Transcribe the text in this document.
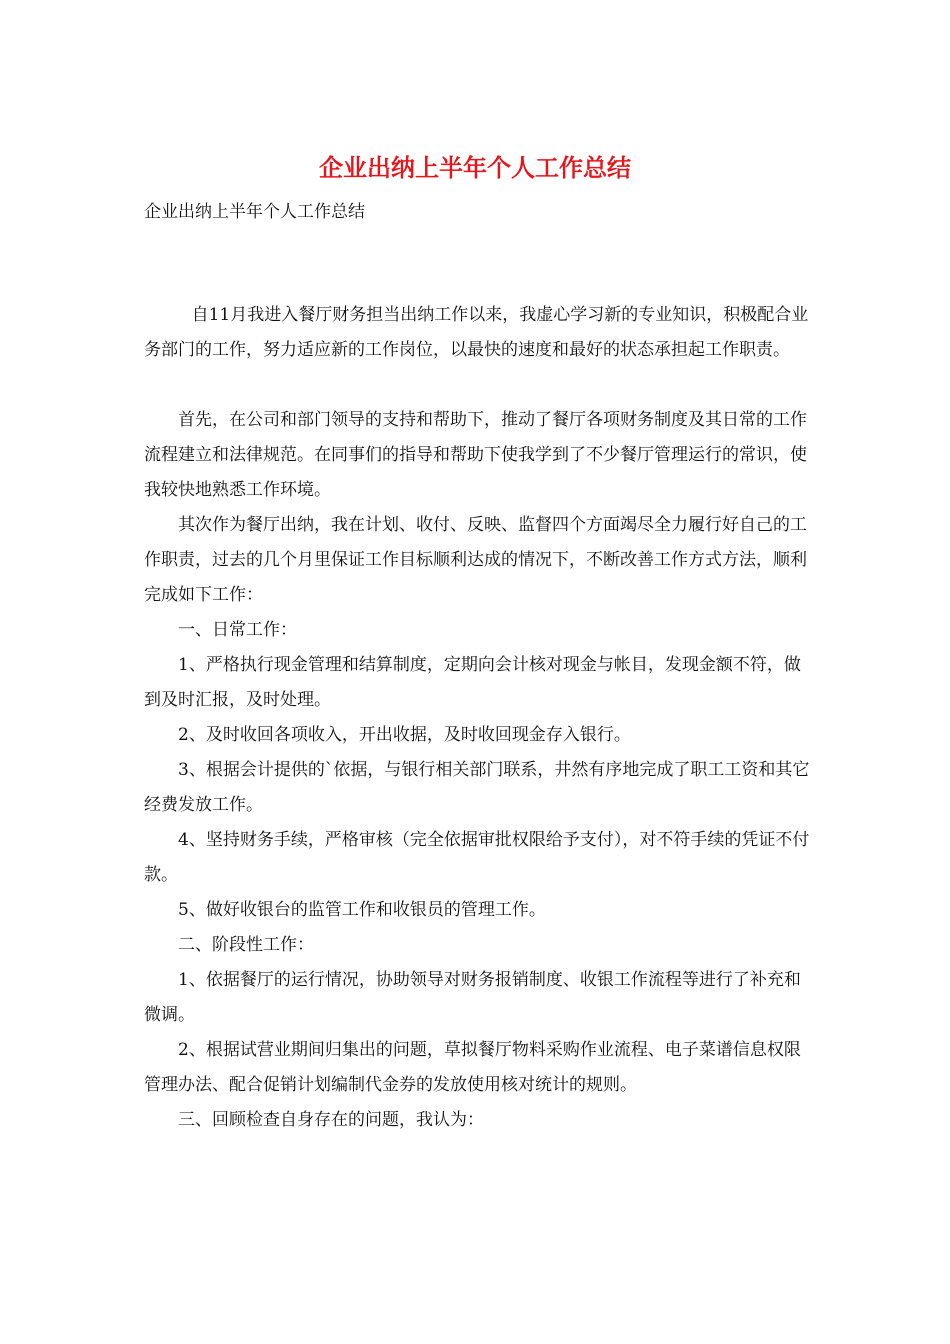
企业出纳上半年个人工作总结
企业出纳上半年个人工作总结

自11月我进入餐厅财务担当出纳工作以来，我虚心学习新的专业知识，积极配合业务部门的工作，努力适应新的工作岗位，以最快的速度和最好的状态承担起工作职责。

首先，在公司和部门领导的支持和帮助下，推动了餐厅各项财务制度及其日常的工作流程建立和法律规范。在同事们的指导和帮助下使我学到了不少餐厅管理运行的常识，使我较快地熟悉工作环境。

其次作为餐厅出纳，我在计划、收付、反映、监督四个方面竭尽全力履行好自己的工作职责，过去的几个月里保证工作目标顺利达成的情况下，不断改善工作方式方法，顺利完成如下工作：

一、日常工作：

1、严格执行现金管理和结算制度，定期向会计核对现金与帐目，发现金额不符，做到及时汇报，及时处理。

2、及时收回各项收入，开出收据，及时收回现金存入银行。

3、根据会计提供的`依据，与银行相关部门联系，井然有序地完成了职工工资和其它经费发放工作。

4、坚持财务手续，严格审核（完全依据审批权限给予支付），对不符手续的凭证不付款。

5、做好收银台的监管工作和收银员的管理工作。

二、阶段性工作：

1、依据餐厅的运行情况，协助领导对财务报销制度、收银工作流程等进行了补充和微调。

2、根据试营业期间归集出的问题，草拟餐厅物料采购作业流程、电子菜谱信息权限管理办法、配合促销计划编制代金券的发放使用核对统计的规则。

三、回顾检查自身存在的问题，我认为：
